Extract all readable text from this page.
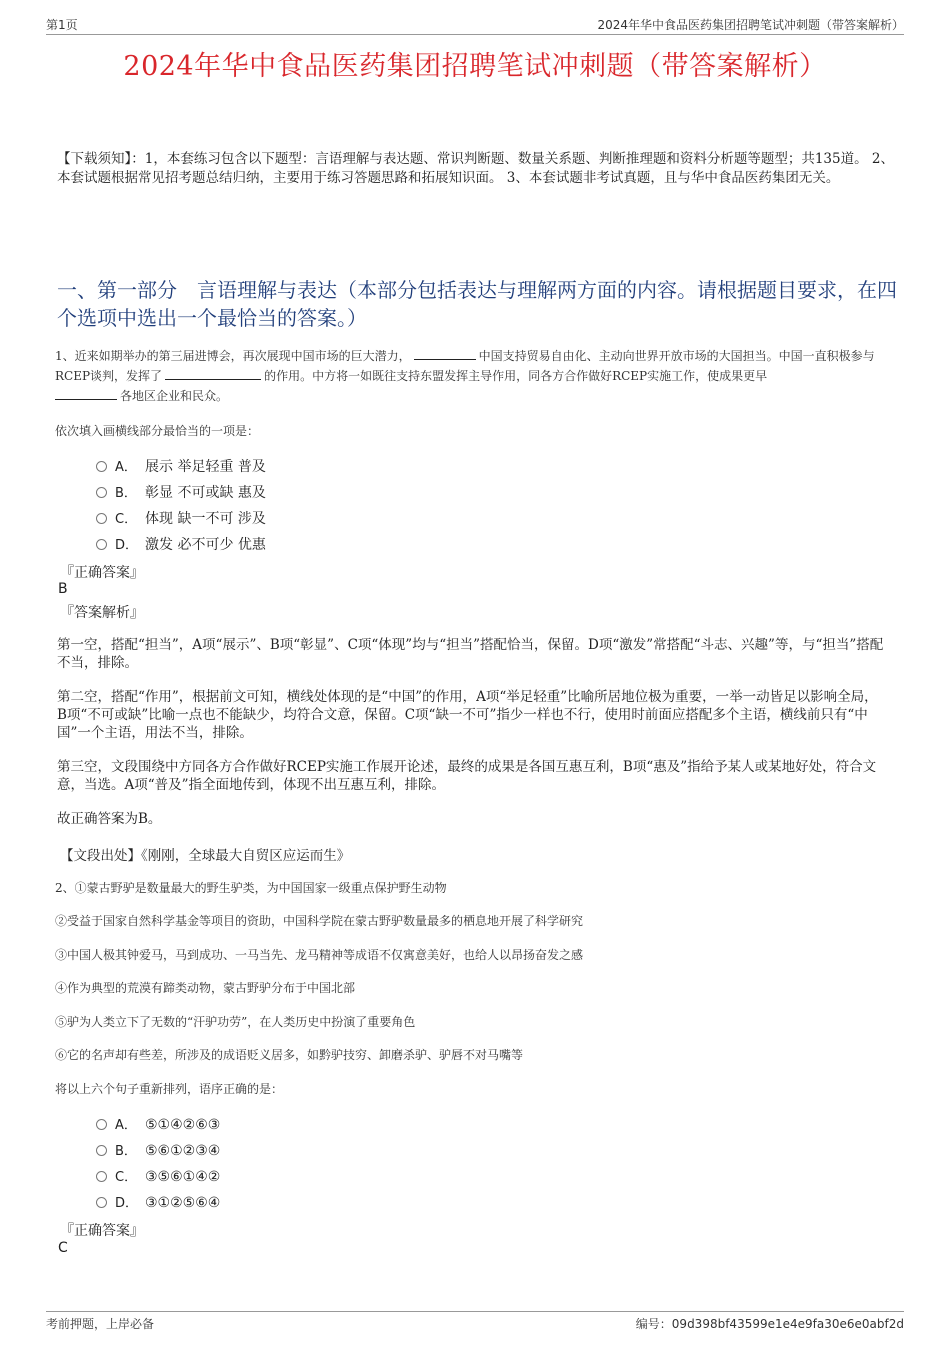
第1页	2024年华中食品医药集团招聘笔试冲刺题（带答案解析）
2024年华中食品医药集团招聘笔试冲刺题（带答案解析）
【下载须知】：1，本套练习包含以下题型：言语理解与表达题、常识判断题、数量关系题、判断推理题和资料分析题等题型；共135道。 2、本套试题根据常见招考题总结归纳，主要用于练习答题思路和拓展知识面。 3、本套试题非考试真题，且与华中食品医药集团无关。
一、第一部分　言语理解与表达（本部分包括表达与理解两方面的内容。请根据题目要求，在四个选项中选出一个最恰当的答案。）
1、近来如期举办的第三届进博会，再次展现中国市场的巨大潜力，	中国支持贸易自由化、主动向世界开放市场的大国担当。中国一直积极参与RCEP谈判，发挥了	的作用。中方将一如既往支持东盟发挥主导作用，同各方合作做好RCEP实施工作，使成果更早
各地区企业和民众。
依次填入画横线部分最恰当的一项是：
A． 展示 举足轻重 普及
B． 彰显 不可或缺 惠及
C． 体现 缺一不可 涉及
D． 激发 必不可少 优惠
『正确答案』
B
『答案解析』
第一空，搭配“担当”，A项“展示”、B项“彰显”、C项“体现”均与“担当”搭配恰当，保留。D项“激发”常搭配“斗志、兴趣”等，与“担当”搭配不当，排除。
第二空，搭配“作用”，根据前文可知，横线处体现的是“中国”的作用，A项“举足轻重”比喻所居地位极为重要，一举一动皆足以影响全局，B项“不可或缺”比喻一点也不能缺少，均符合文意，保留。C项“缺一不可”指少一样也不行，使用时前面应搭配多个主语，横线前只有“中国”一个主语，用法不当，排除。
第三空，文段围绕中方同各方合作做好RCEP实施工作展开论述，最终的成果是各国互惠互利，B项“惠及”指给予某人或某地好处，符合文意，当选。A项“普及”指全面地传到，体现不出互惠互利，排除。
故正确答案为B。
【文段出处】《刚刚，全球最大自贸区应运而生》
2、①蒙古野驴是数量最大的野生驴类，为中国国家一级重点保护野生动物
②受益于国家自然科学基金等项目的资助，中国科学院在蒙古野驴数量最多的栖息地开展了科学研究
③中国人极其钟爱马，马到成功、一马当先、龙马精神等成语不仅寓意美好，也给人以昂扬奋发之感
④作为典型的荒漠有蹄类动物，蒙古野驴分布于中国北部
⑤驴为人类立下了无数的“汗驴功劳”，在人类历史中扮演了重要角色
⑥它的名声却有些差，所涉及的成语贬义居多，如黔驴技穷、卸磨杀驴、驴唇不对马嘴等
将以上六个句子重新排列，语序正确的是：
A． ⑤①④②⑥③
B． ⑤⑥①②③④
C． ③⑤⑥①④②
D． ③①②⑤⑥④
『正确答案』
C
考前押题，上岸必备	编号：09d398bf43599e1e4e9fa30e6e0abf2d
